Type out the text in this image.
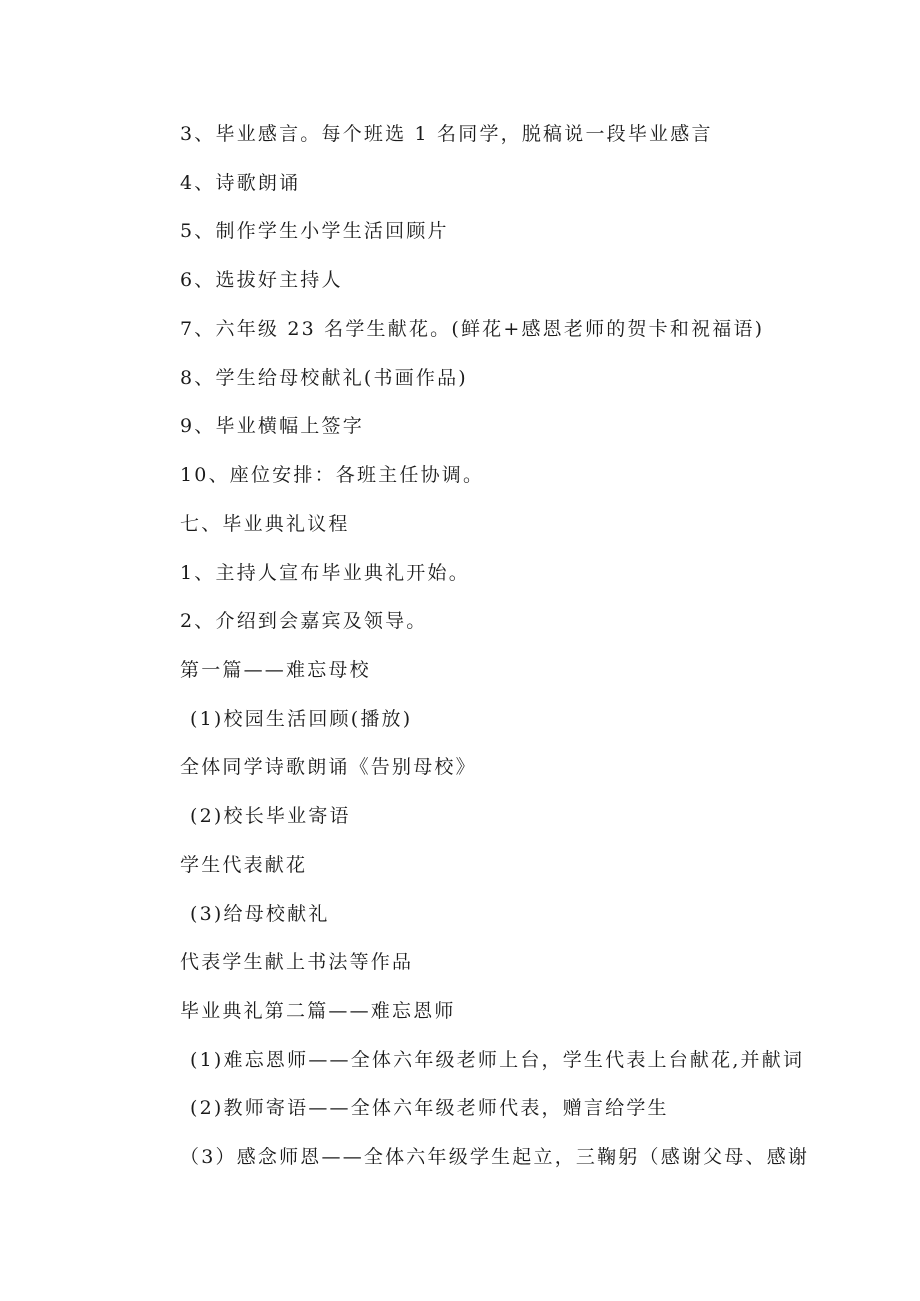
3、毕业感言。每个班选 1 名同学，脱稿说一段毕业感言
4、诗歌朗诵
5、制作学生小学生活回顾片
6、选拔好主持人
7、六年级 23 名学生献花。(鲜花+感恩老师的贺卡和祝福语)
8、学生给母校献礼(书画作品)
9、毕业横幅上签字
10、座位安排：各班主任协调。
七、毕业典礼议程
1、主持人宣布毕业典礼开始。
2、介绍到会嘉宾及领导。
第一篇——难忘母校
(1)校园生活回顾(播放)
全体同学诗歌朗诵《告别母校》
(2)校长毕业寄语
学生代表献花
(3)给母校献礼
代表学生献上书法等作品
毕业典礼第二篇——难忘恩师
(1)难忘恩师——全体六年级老师上台，学生代表上台献花,并献词
(2)教师寄语——全体六年级老师代表，赠言给学生
（3）感念师恩——全体六年级学生起立，三鞠躬（感谢父母、感谢
